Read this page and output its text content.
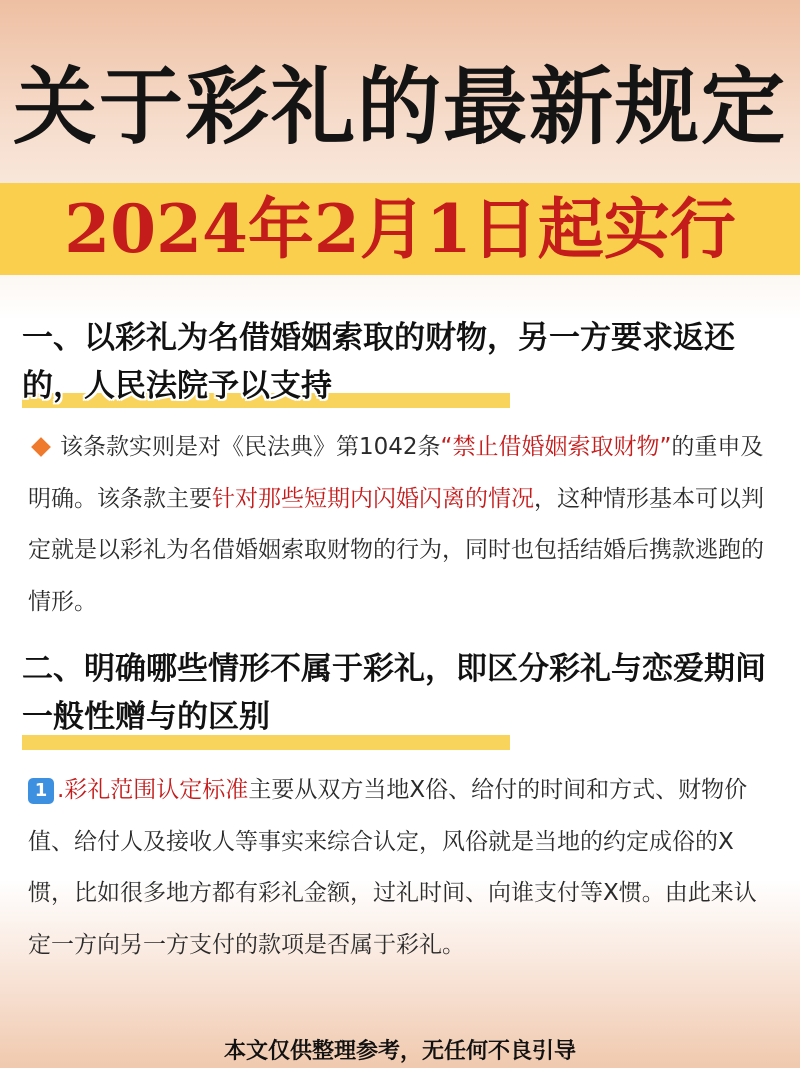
关于彩礼的最新规定
2024年2月1日起实行
一、以彩礼为名借婚姻索取的财物，另一方要求返还的，人民法院予以支持
该条款实则是对《民法典》第1042条“禁止借婚姻索取财物”的重申及明确。该条款主要针对那些短期内闪婚闪离的情况，这种情形基本可以判定就是以彩礼为名借婚姻索取财物的行为，同时也包括结婚后携款逃跑的情形。
二、明确哪些情形不属于彩礼，即区分彩礼与恋爱期间一般性赠与的区别
1 .彩礼范围认定标准主要从双方当地X俗、给付的时间和方式、财物价值、给付人及接收人等事实来综合认定，风俗就是当地的约定成俗的X惯，比如很多地方都有彩礼金额，过礼时间、向谁支付等X惯。由此来认定一方向另一方支付的款项是否属于彩礼。
本文仅供整理参考，无任何不良引导
